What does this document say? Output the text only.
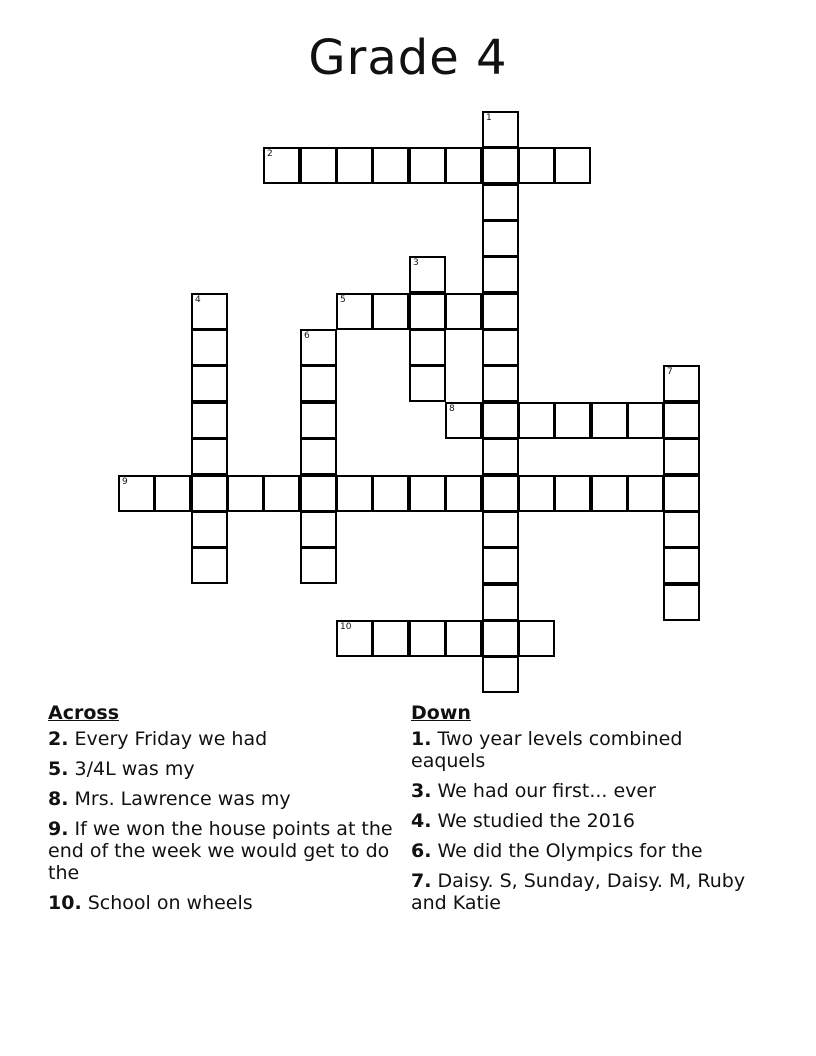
Grade 4
1
2
3
4	5
6
7
8
9
10
Across
2. Every Friday we had
5. 3/4L was my
8. Mrs. Lawrence was my
9. If we won the house points at the end of the week we would get to do the
10. School on wheels
Down
1. Two year levels combined eaquels
3. We had our first... ever
4. We studied the 2016
6. We did the Olympics for the
7. Daisy. S, Sunday, Daisy. M, Ruby and Katie
